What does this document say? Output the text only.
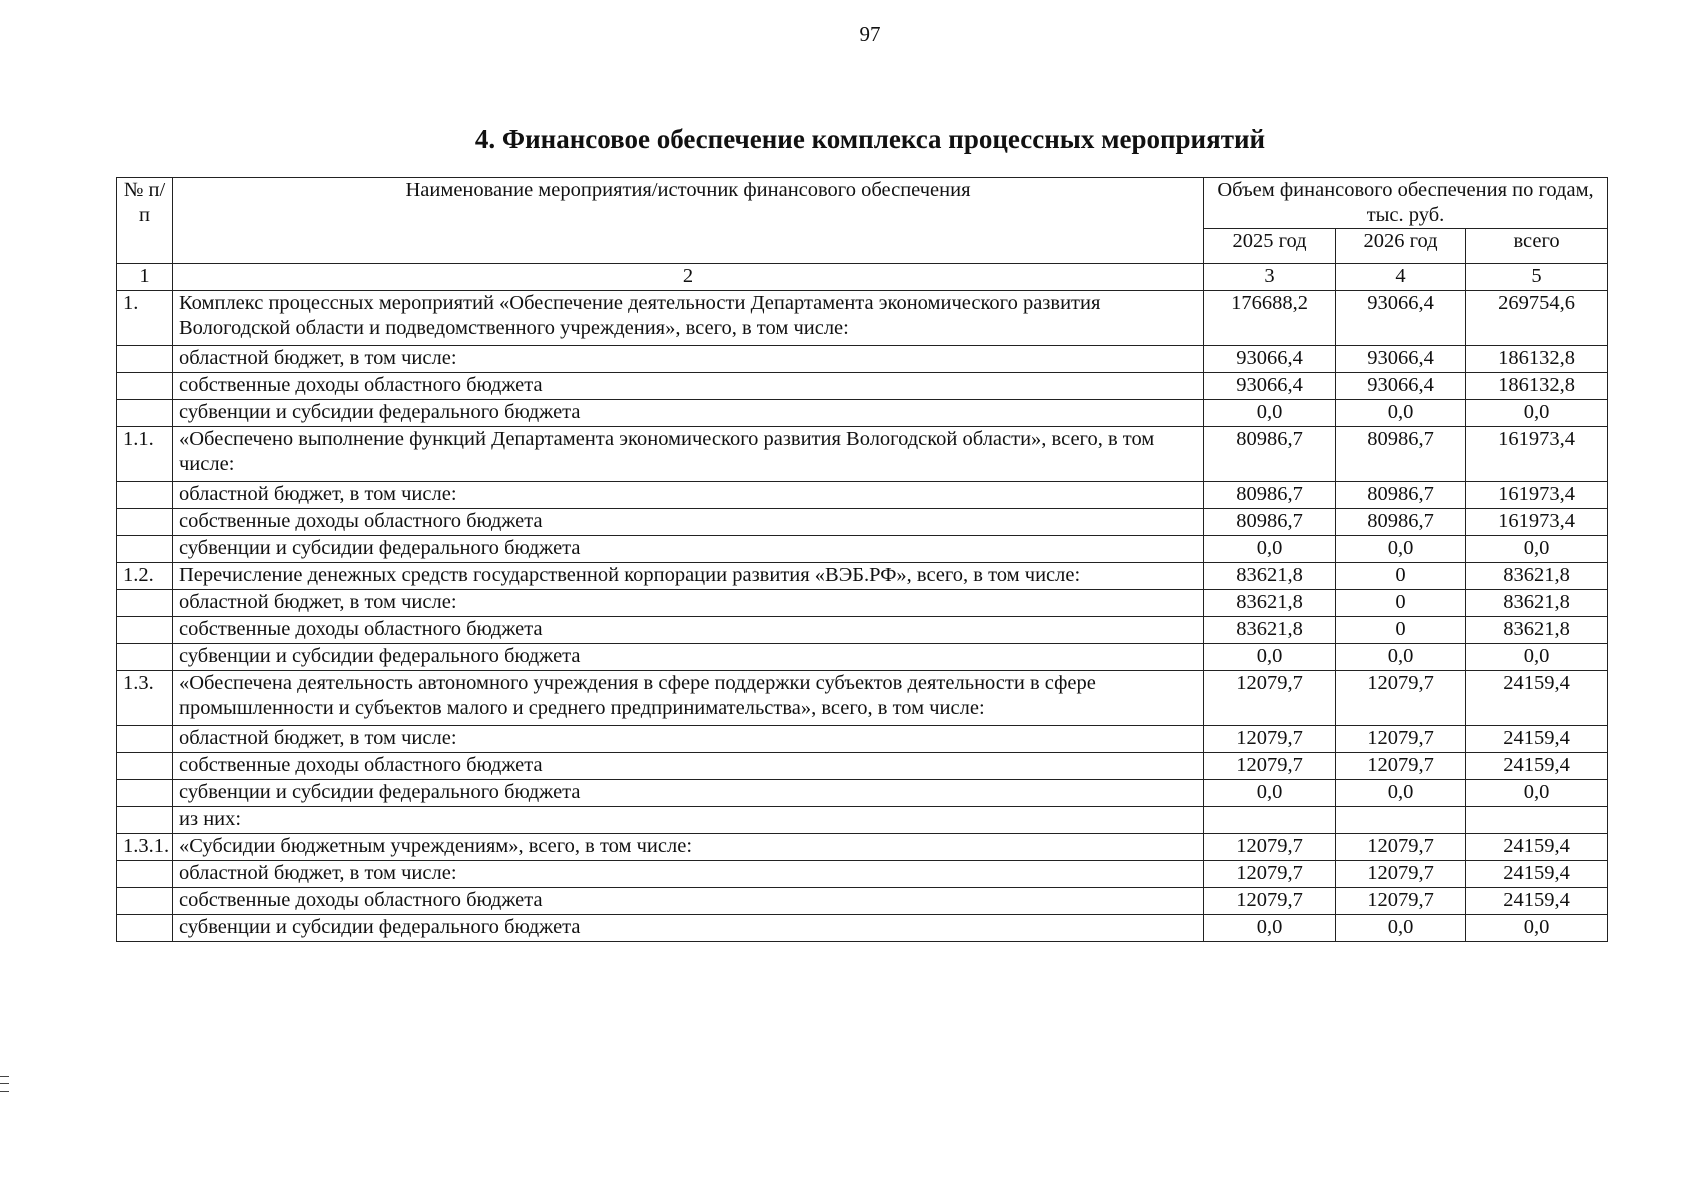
97
4. Финансовое обеспечение комплекса процессных мероприятий
№ п/п	Наименование мероприятия/источник финансового обеспечения	Объем финансового обеспечения по годам, тыс. руб.		
		2025 год	2026 год	всего
1	2	3	4	5
1.	Комплекс процессных мероприятий «Обеспечение деятельности Департамента экономического развития Вологодской области и подведомственного учреждения», всего, в том числе:	176688,2	93066,4	269754,6
	областной бюджет, в том числе:	93066,4	93066,4	186132,8
	собственные доходы областного бюджета	93066,4	93066,4	186132,8
	субвенции и субсидии федерального бюджета	0,0	0,0	0,0
1.1.	«Обеспечено выполнение функций Департамента экономического развития Вологодской области», всего, в том числе:	80986,7	80986,7	161973,4
	областной бюджет, в том числе:	80986,7	80986,7	161973,4
	собственные доходы областного бюджета	80986,7	80986,7	161973,4
	субвенции и субсидии федерального бюджета	0,0	0,0	0,0
1.2.	Перечисление денежных средств государственной корпорации развития «ВЭБ.РФ», всего, в том числе:	83621,8	0	83621,8
	областной бюджет, в том числе:	83621,8	0	83621,8
	собственные доходы областного бюджета	83621,8	0	83621,8
	субвенции и субсидии федерального бюджета	0,0	0,0	0,0
1.3.	«Обеспечена деятельность автономного учреждения в сфере поддержки субъектов деятельности в сфере промышленности и субъектов малого и среднего предпринимательства», всего, в том числе:	12079,7	12079,7	24159,4
	областной бюджет, в том числе:	12079,7	12079,7	24159,4
	собственные доходы областного бюджета	12079,7	12079,7	24159,4
	субвенции и субсидии федерального бюджета	0,0	0,0	0,0
	из них:			
1.3.1.	«Субсидии бюджетным учреждениям», всего, в том числе:	12079,7	12079,7	24159,4
	областной бюджет, в том числе:	12079,7	12079,7	24159,4
	собственные доходы областного бюджета	12079,7	12079,7	24159,4
	субвенции и субсидии федерального бюджета	0,0	0,0	0,0
